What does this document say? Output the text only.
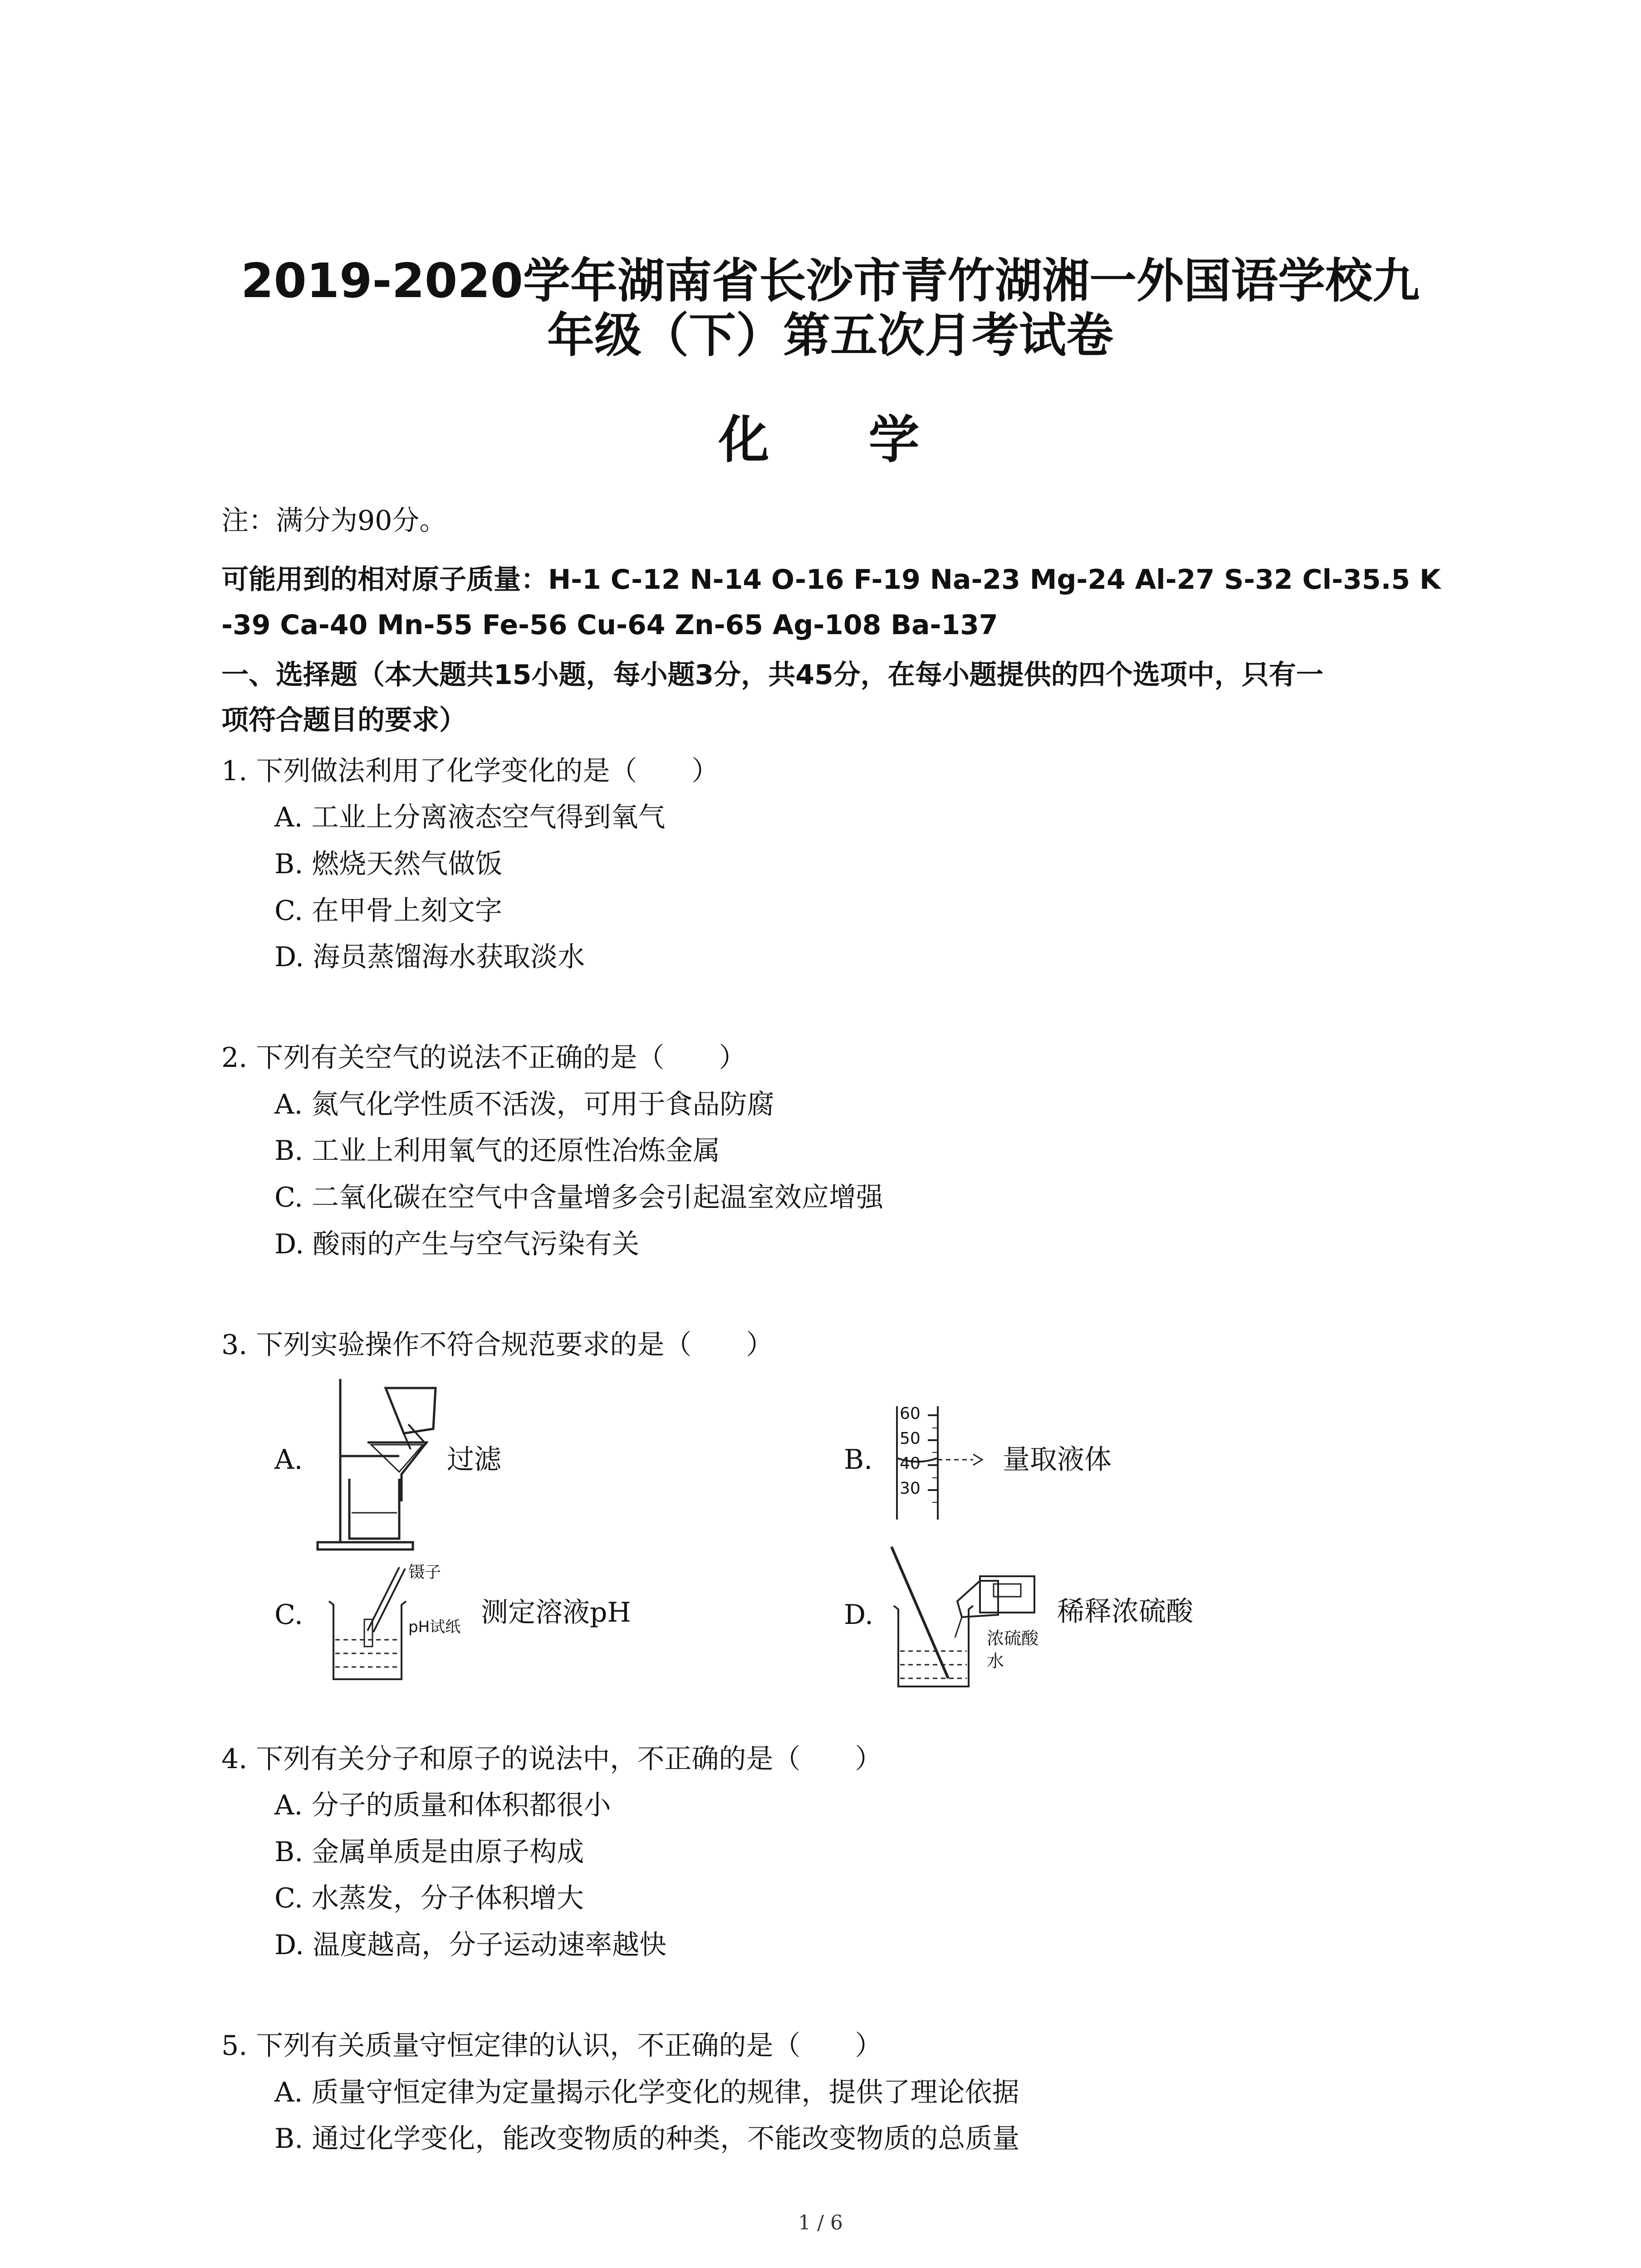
2019-2020学年湖南省长沙市青竹湖湘一外国语学校九
年级（下）第五次月考试卷
化 学
注：满分为90分。
可能用到的相对原子质量：H-1 C-12 N-14 O-16 F-19 Na-23 Mg-24 Al-27 S-32 Cl-35.5 K
-39 Ca-40 Mn-55 Fe-56 Cu-64 Zn-65 Ag-108 Ba-137
一、选择题（本大题共15小题，每小题3分，共45分，在每小题提供的四个选项中，只有一
项符合题目的要求）
1. 下列做法利用了化学变化的是（　　）
A. 工业上分离液态空气得到氧气
B. 燃烧天然气做饭
C. 在甲骨上刻文字
D. 海员蒸馏海水获取淡水
2. 下列有关空气的说法不正确的是（　　）
A. 氮气化学性质不活泼，可用于食品防腐
B. 工业上利用氧气的还原性冶炼金属
C. 二氧化碳在空气中含量增多会引起温室效应增强
D. 酸雨的产生与空气污染有关
3. 下列实验操作不符合规范要求的是（　　）
A.	过滤	B.
60
50
40
30
量取液体
C.
镊子
pH试纸 测定溶液pH	D.	稀释浓硫酸
浓硫酸
水
4. 下列有关分子和原子的说法中，不正确的是（　　）
A. 分子的质量和体积都很小
B. 金属单质是由原子构成
C. 水蒸发，分子体积增大
D. 温度越高，分子运动速率越快
5. 下列有关质量守恒定律的认识，不正确的是（　　）
A. 质量守恒定律为定量揭示化学变化的规律，提供了理论依据
B. 通过化学变化，能改变物质的种类，不能改变物质的总质量
1 / 6
